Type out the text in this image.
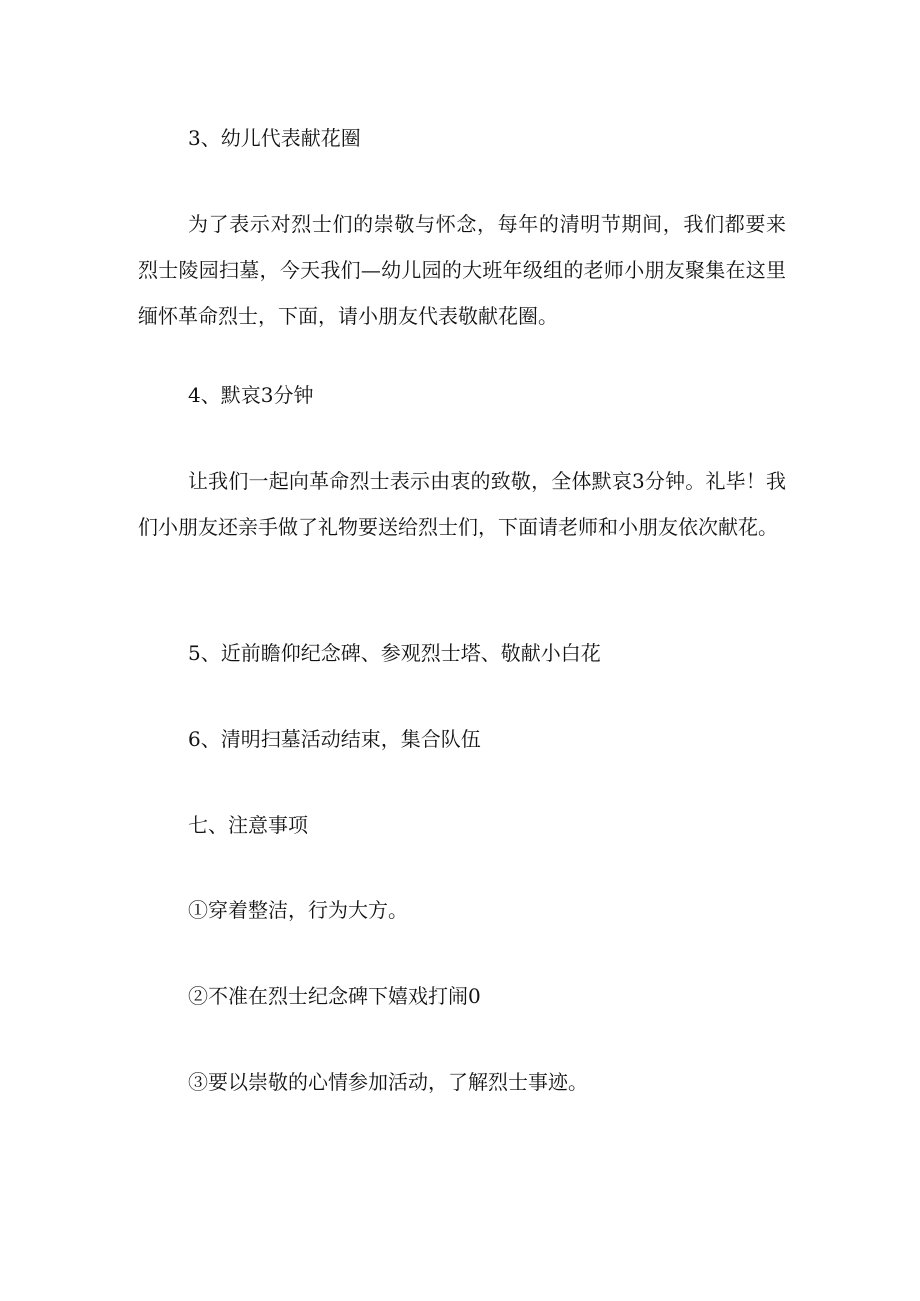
3、幼儿代表献花圈
为了表示对烈士们的崇敬与怀念，每年的清明节期间，我们都要来烈士陵园扫墓，今天我们—幼儿园的大班年级组的老师小朋友聚集在这里缅怀革命烈士，下面，请小朋友代表敬献花圈。
4、默哀3分钟
让我们一起向革命烈士表示由衷的致敬，全体默哀3分钟。礼毕！我们小朋友还亲手做了礼物要送给烈士们，下面请老师和小朋友依次献花。
5、近前瞻仰纪念碑、参观烈士塔、敬献小白花
6、清明扫墓活动结束，集合队伍
七、注意事项
①穿着整洁，行为大方。
②不准在烈士纪念碑下嬉戏打闹0
③要以崇敬的心情参加活动，了解烈士事迹。
